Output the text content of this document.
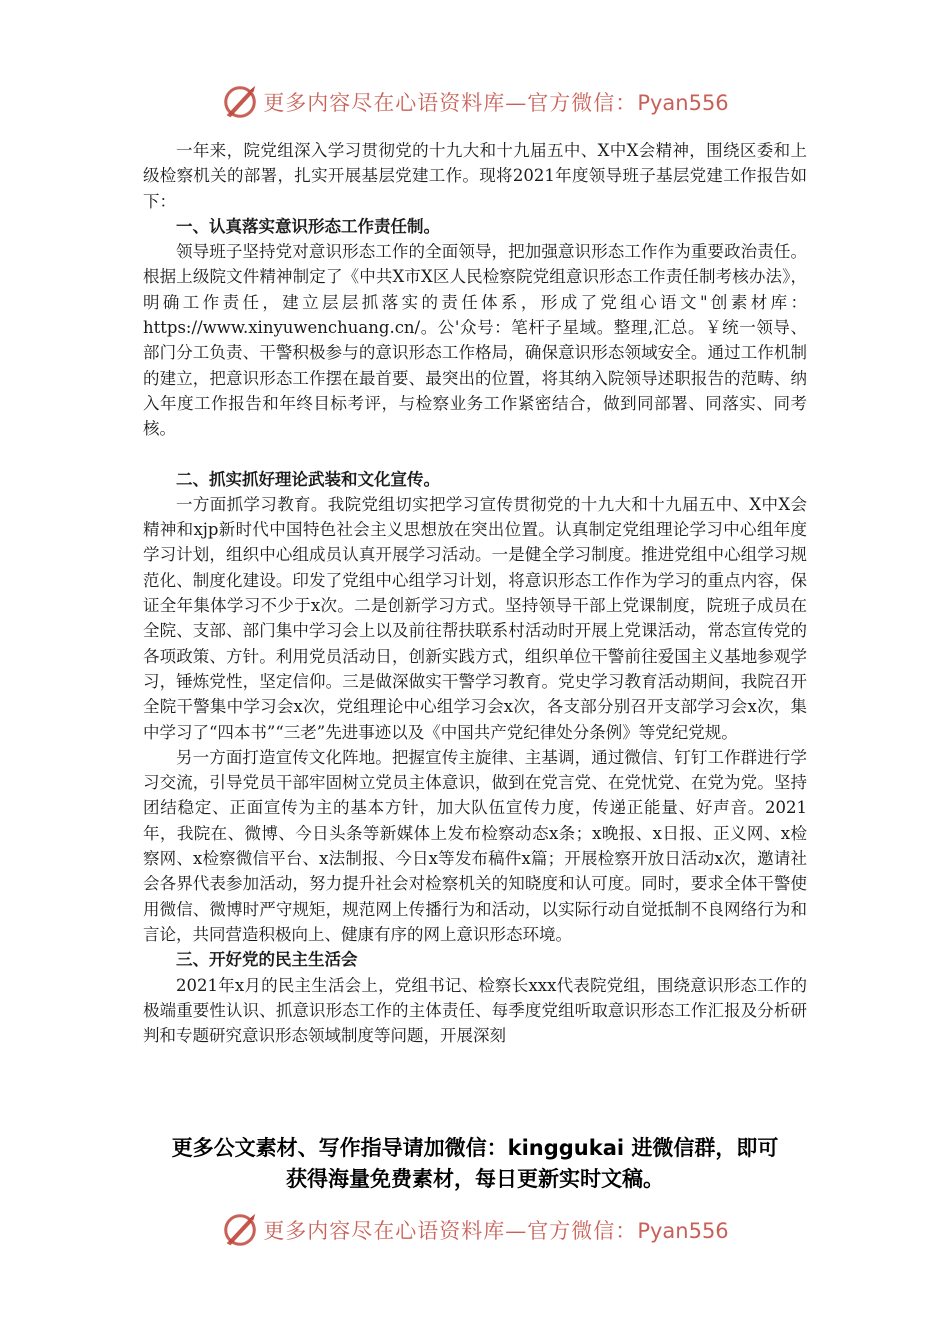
更多内容尽在心语资料库—官方微信：Pyan556

一年来，院党组深入学习贯彻党的十九大和十九届五中、X中X会精神，围绕区委和上级检察机关的部署，扎实开展基层党建工作。现将2021年度领导班子基层党建工作报告如下：

一、认真落实意识形态工作责任制。

领导班子坚持党对意识形态工作的全面领导，把加强意识形态工作作为重要政治责任。根据上级院文件精神制定了《中共X市X区人民检察院党组意识形态工作责任制考核办法》，明确工作责任，建立层层抓落实的责任体系，形成了党组心语文"创素材库：https://www.xinyuwenchuang.cn/。公'众号：笔杆子星域。整理,汇总。￥统一领导、部门分工负责、干警积极参与的意识形态工作格局，确保意识形态领域安全。通过工作机制的建立，把意识形态工作摆在最首要、最突出的位置，将其纳入院领导述职报告的范畴、纳入年度工作报告和年终目标考评，与检察业务工作紧密结合，做到同部署、同落实、同考核。

二、抓实抓好理论武装和文化宣传。

一方面抓学习教育。我院党组切实把学习宣传贯彻党的十九大和十九届五中、X中X会精神和xjp新时代中国特色社会主义思想放在突出位置。认真制定党组理论学习中心组年度学习计划，组织中心组成员认真开展学习活动。一是健全学习制度。推进党组中心组学习规范化、制度化建设。印发了党组中心组学习计划，将意识形态工作作为学习的重点内容，保证全年集体学习不少于x次。二是创新学习方式。坚持领导干部上党课制度，院班子成员在全院、支部、部门集中学习会上以及前往帮扶联系村活动时开展上党课活动，常态宣传党的各项政策、方针。利用党员活动日，创新实践方式，组织单位干警前往爱国主义基地参观学习，锤炼党性，坚定信仰。三是做深做实干警学习教育。党史学习教育活动期间，我院召开全院干警集中学习会x次，党组理论中心组学习会x次，各支部分别召开支部学习会x次，集中学习了“四本书”“三老”先进事迹以及《中国共产党纪律处分条例》等党纪党规。

另一方面打造宣传文化阵地。把握宣传主旋律、主基调，通过微信、钉钉工作群进行学习交流，引导党员干部牢固树立党员主体意识，做到在党言党、在党忧党、在党为党。坚持团结稳定、正面宣传为主的基本方针，加大队伍宣传力度，传递正能量、好声音。2021年，我院在、微博、今日头条等新媒体上发布检察动态x条；x晚报、x日报、正义网、x检察网、x检察微信平台、x法制报、今日x等发布稿件x篇；开展检察开放日活动x次，邀请社会各界代表参加活动，努力提升社会对检察机关的知晓度和认可度。同时，要求全体干警使用微信、微博时严守规矩，规范网上传播行为和活动，以实际行动自觉抵制不良网络行为和言论，共同营造积极向上、健康有序的网上意识形态环境。

三、开好党的民主生活会

2021年x月的民主生活会上，党组书记、检察长xxx代表院党组，围绕意识形态工作的极端重要性认识、抓意识形态工作的主体责任、每季度党组听取意识形态工作汇报及分析研判和专题研究意识形态领域制度等问题，开展深刻

更多公文素材、写作指导请加微信：kinggukai 进微信群，即可
获得海量免费素材，每日更新实时文稿。
更多内容尽在心语资料库—官方微信：Pyan556
